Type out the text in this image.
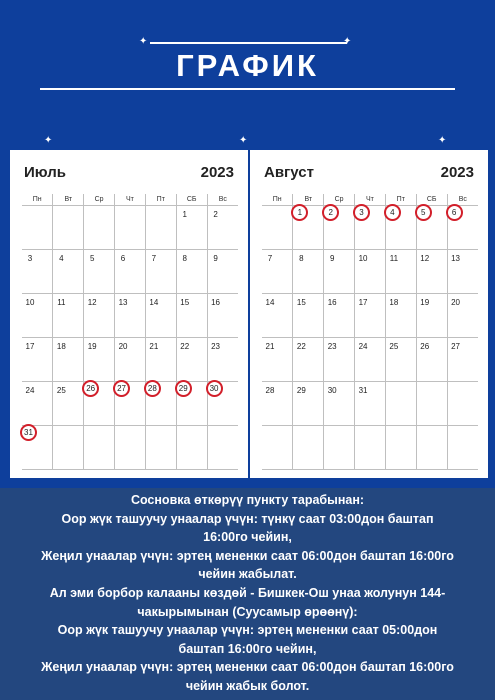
✦	✦
ГРАФИК
✦	✦	✦
Июль	2023
Пн	Вт	Ср	Чт	Пт	СБ	Вс

					1	2

3	4	5	6	7	8	9

10	11	12	13	14	15	16

17	18	19	20	21	22	23

24	25	26	27	28	29	30

31						

Август	2023
Пн	Вт	Ср	Чт	Пт	СБ	Вс

	1	2	3	4	5	6

7	8	9	10	11	12	13

14	15	16	17	18	19	20

21	22	23	24	25	26	27

28	29	30	31			

Сосновка өткөрүү пункту тарабынан:

Оор жүк ташуучу унаалар үчүн: түнкү саат 03:00дон баштап

16:00го чейин,

Жеңил унаалар үчүн: эртең мененки саат 06:00дон баштап 16:00го

чейин жабылат.

Ал эми борбор калааны көздөй - Бишкек-Ош унаа жолунун 144-

чакырымынан (Суусамыр өрөөнү):

Оор жүк ташуучу унаалар үчүн: эртең мененки саат 05:00дон

баштап 16:00го чейин,

Жеңил унаалар үчүн: эртең мененки саат 06:00дон баштап 16:00го

чейин жабык болот.
